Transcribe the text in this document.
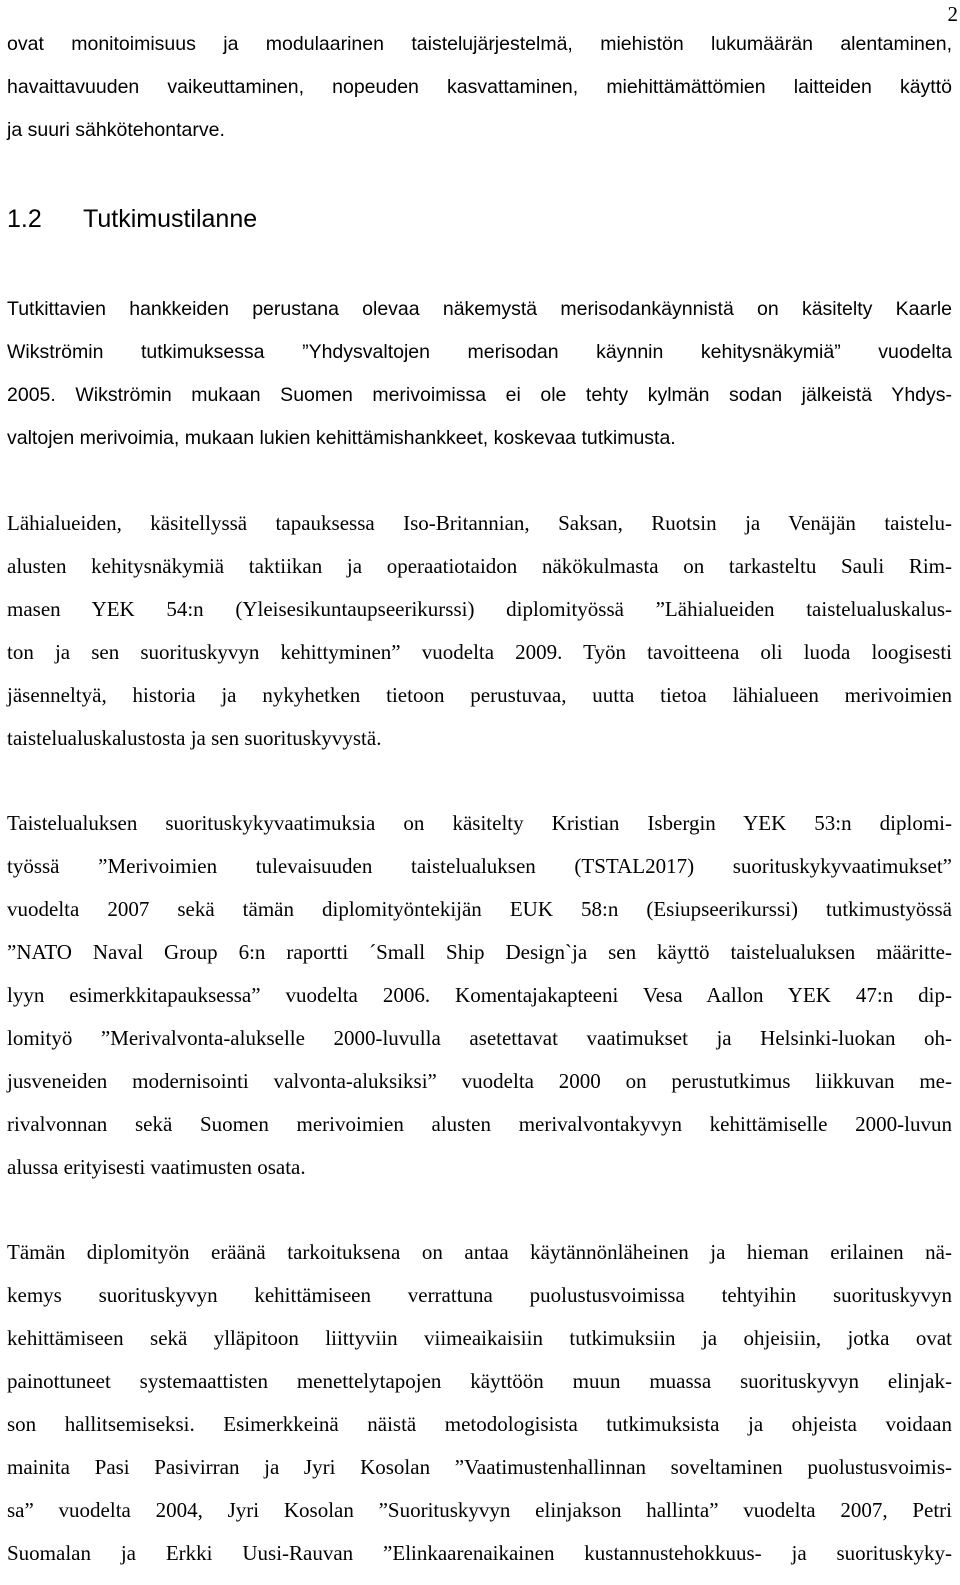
2
ovat monitoimisuus ja modulaarinen taistelujärjestelmä, miehistön lukumäärän alentaminen,
havaittavuuden vaikeuttaminen, nopeuden kasvattaminen, miehittämättömien laitteiden käyttö
ja suuri sähkötehontarve.
1.2 Tutkimustilanne
Tutkittavien hankkeiden perustana olevaa näkemystä merisodankäynnistä on käsitelty Kaarle
Wikströmin tutkimuksessa ”Yhdysvaltojen merisodan käynnin kehitysnäkymiä” vuodelta
2005. Wikströmin mukaan Suomen merivoimissa ei ole tehty kylmän sodan jälkeistä Yhdys-
valtojen merivoimia, mukaan lukien kehittämishankkeet, koskevaa tutkimusta.
Lähialueiden, käsitellyssä tapauksessa Iso-Britannian, Saksan, Ruotsin ja Venäjän taistelu-
alusten kehitysnäkymiä taktiikan ja operaatiotaidon näkökulmasta on tarkasteltu Sauli Rim-
masen YEK 54:n (Yleisesikuntaupseerikurssi) diplomityössä ”Lähialueiden taistelualuskalus-
ton ja sen suorituskyvyn kehittyminen” vuodelta 2009. Työn tavoitteena oli luoda loogisesti
jäsenneltyä, historia ja nykyhetken tietoon perustuvaa, uutta tietoa lähialueen merivoimien
taistelualuskalustosta ja sen suorituskyvystä.
Taistelualuksen suorituskykyvaatimuksia on käsitelty Kristian Isbergin YEK 53:n diplomi-
työssä ”Merivoimien tulevaisuuden taistelualuksen (TSTAL2017) suorituskykyvaatimukset”
vuodelta 2007 sekä tämän diplomityöntekijän EUK 58:n (Esiupseerikurssi) tutkimustyössä
”NATO Naval Group 6:n raportti ´Small Ship Design`ja sen käyttö taistelualuksen määritte-
lyyn esimerkkitapauksessa” vuodelta 2006. Komentajakapteeni Vesa Aallon YEK 47:n dip-
lomityö ”Merivalvonta-alukselle 2000-luvulla asetettavat vaatimukset ja Helsinki-luokan oh-
jusveneiden modernisointi valvonta-aluksiksi” vuodelta 2000 on perustutkimus liikkuvan me-
rivalvonnan sekä Suomen merivoimien alusten merivalvontakyvyn kehittämiselle 2000-luvun
alussa erityisesti vaatimusten osata.
Tämän diplomityön eräänä tarkoituksena on antaa käytännönläheinen ja hieman erilainen nä-
kemys suorituskyvyn kehittämiseen verrattuna puolustusvoimissa tehtyihin suorituskyvyn
kehittämiseen sekä ylläpitoon liittyviin viimeaikaisiin tutkimuksiin ja ohjeisiin, jotka ovat
painottuneet systemaattisten menettelytapojen käyttöön muun muassa suorituskyvyn elinjak-
son hallitsemiseksi. Esimerkkeinä näistä metodologisista tutkimuksista ja ohjeista voidaan
mainita Pasi Pasivirran ja Jyri Kosolan ”Vaatimustenhallinnan soveltaminen puolustusvoimis-
sa” vuodelta 2004, Jyri Kosolan ”Suorituskyvyn elinjakson hallinta” vuodelta 2007, Petri
Suomalan ja Erkki Uusi-Rauvan ”Elinkaarenaikainen kustannustehokkuus- ja suorituskyky-
